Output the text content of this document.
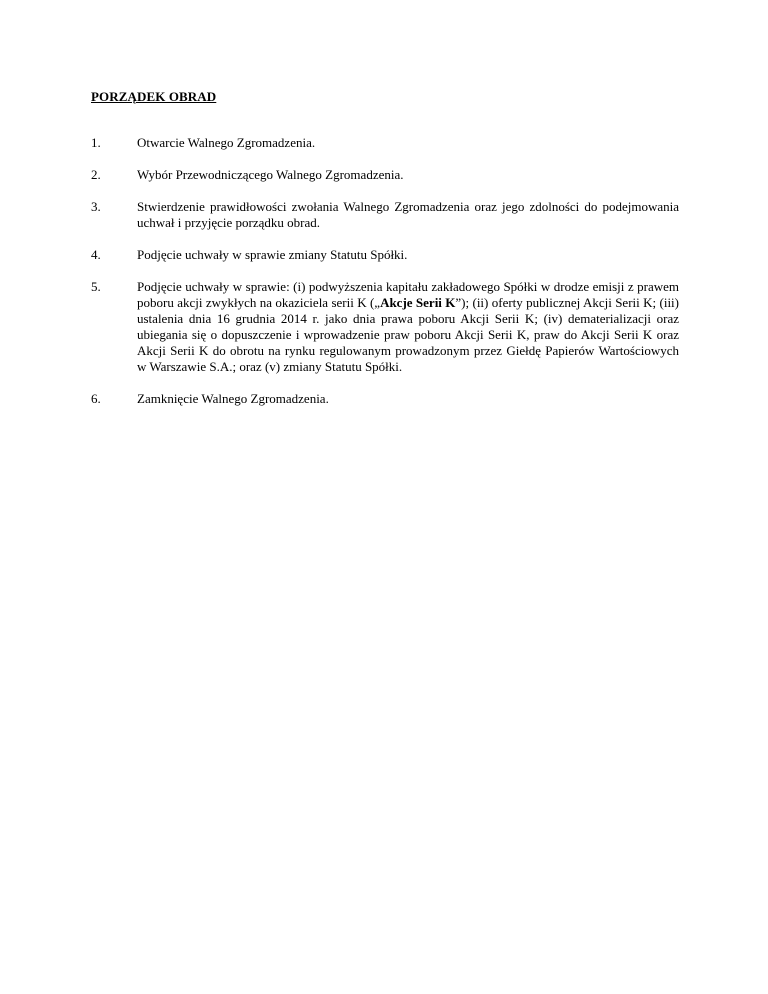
PORZĄDEK OBRAD
1.	Otwarcie Walnego Zgromadzenia.
2.	Wybór Przewodniczącego Walnego Zgromadzenia.
3.	Stwierdzenie prawidłowości zwołania Walnego Zgromadzenia oraz jego zdolności do podejmowania uchwał i przyjęcie porządku obrad.
4.	Podjęcie uchwały w sprawie zmiany Statutu Spółki.
5.	Podjęcie uchwały w sprawie: (i) podwyższenia kapitału zakładowego Spółki w drodze emisji z prawem poboru akcji zwykłych na okaziciela serii K („Akcje Serii K”); (ii) oferty publicznej Akcji Serii K; (iii) ustalenia dnia 16 grudnia 2014 r. jako dnia prawa poboru Akcji Serii K; (iv) dematerializacji oraz ubiegania się o dopuszczenie i wprowadzenie praw poboru Akcji Serii K, praw do Akcji Serii K oraz Akcji Serii K do obrotu na rynku regulowanym prowadzonym przez Giełdę Papierów Wartościowych w Warszawie S.A.; oraz (v) zmiany Statutu Spółki.
6.	Zamknięcie Walnego Zgromadzenia.
